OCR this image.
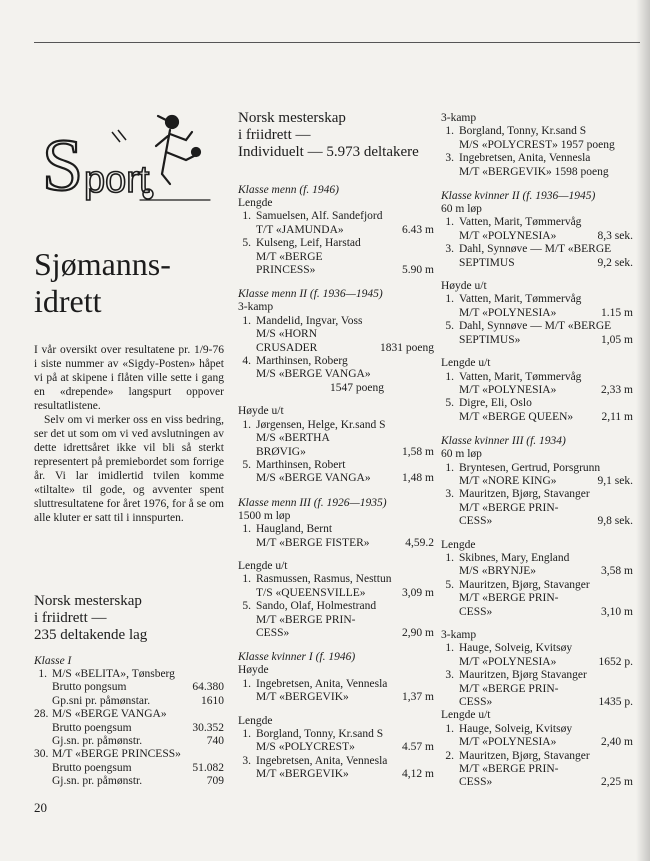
S port
Sjømanns-
idrett

I vår oversikt over resultatene pr. 1/9-76 i siste nummer av «Sigdy-Posten» håpet vi på at skipene i flåten ville sette i gang en «drepende» langspurt oppover resultatlistene.

Selv om vi merker oss en viss bedring, ser det ut som om vi ved avslutningen av dette idrettsåret ikke vil bli så sterkt representert på premiebordet som forrige år. Vi lar imidlertid tvilen komme «tiltalte» til gode, og avventer spent sluttresultatene for året 1976, for å se om alle kluter er satt til i innspurten.

Norsk mesterskap
i friidrett —
235 deltakende lag
Klasse I
1. M/S «BELITA», Tønsberg
Brutto pongsum	64.380
Gp.sni pr. påmønstar.	1610
28. M/S «BERGE VANGA»
Brutto poengsum	30.352
Gj.sn. pr. påmønstr.	740
30. M/T «BERGE PRINCESS»
Brutto poengsum	51.082
Gj.sn. pr. påmønstr.	709
Norsk mesterskap
i friidrett —
Individuelt — 5.973 deltakere
Klasse menn (f. 1946)
Lengde
1. Samuelsen, Alf. Sandefjord
T/T «JAMUNDA»	6.43 m
5. Kulseng, Leif, Harstad
M/T «BERGE
PRINCESS»	5.90 m
Klasse menn II (f. 1936—1945)
3-kamp
1. Mandelid, Ingvar, Voss
M/S «HORN
CRUSADER	1831 poeng
4. Marthinsen, Roberg
M/S «BERGE VANGA»
1547 poeng
Høyde u/t
1. Jørgensen, Helge, Kr.sand S
M/S «BERTHA
BRØVIG»	1,58 m
5. Marthinsen, Robert
M/S «BERGE VANGA»	1,48 m
Klasse menn III (f. 1926—1935)
1500 m løp
1. Haugland, Bernt
M/T «BERGE FISTER»	4,59.2
Lengde u/t
1. Rasmussen, Rasmus, Nesttun
T/S «QUEENSVILLE»	3,09 m
5. Sando, Olaf, Holmestrand
M/T «BERGE PRIN-
CESS»	2,90 m
Klasse kvinner I (f. 1946)
Høyde
1. Ingebretsen, Anita, Vennesla
M/T «BERGEVIK»	1,37 m
Lengde
1. Borgland, Tonny, Kr.sand S
M/S «POLYCREST»	4.57 m
3. Ingebretsen, Anita, Vennesla
M/T «BERGEVIK»	4,12 m
3-kamp
1. Borgland, Tonny, Kr.sand S
M/S «POLYCREST» 1957 poeng
3. Ingebretsen, Anita, Vennesla
M/T «BERGEVIK» 1598 poeng
Klasse kvinner II (f. 1936—1945)
60 m løp
1. Vatten, Marit, Tømmervåg
M/T «POLYNESIA»	8,3 sek.
3. Dahl, Synnøve — M/T «BERGE
SEPTIMUS	9,2 sek.
Høyde u/t
1. Vatten, Marit, Tømmervåg
M/T «POLYNESIA»	1.15 m
5. Dahl, Synnøve — M/T «BERGE
SEPTIMUS»	1,05 m
Lengde u/t
1. Vatten, Marit, Tømmervåg
M/T «POLYNESIA»	2,33 m
5. Digre, Eli, Oslo
M/T «BERGE QUEEN» 2,11 m
Klasse kvinner III (f. 1934)
60 m løp
1. Bryntesen, Gertrud, Porsgrunn
M/T «NORE KING»	9,1 sek.
3. Mauritzen, Bjørg, Stavanger
M/T «BERGE PRIN-
CESS»	9,8 sek.
Lengde
1. Skibnes, Mary, England
M/S «BRYNJE»	3,58 m
5. Mauritzen, Bjørg, Stavanger
M/T «BERGE PRIN-
CESS»	3,10 m
3-kamp
1. Hauge, Solveig, Kvitsøy
M/T «POLYNESIA»	1652 p.
3. Mauritzen, Bjørg Stavanger
M/T «BERGE PRIN-
CESS»	1435 p.
Lengde u/t
1. Hauge, Solveig, Kvitsøy
M/T «POLYNESIA»	2,40 m
2. Mauritzen, Bjørg, Stavanger
M/T «BERGE PRIN-
CESS»	2,25 m
20
